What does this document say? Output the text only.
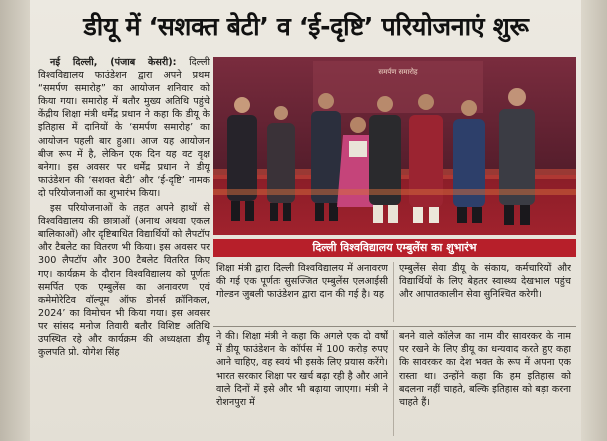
डीयू में ‘सशक्त बेटी’ व ‘ई-दृष्टि’ परियोजनाएं शुरू

नई दिल्ली, (पंजाब केसरी): दिल्ली विश्वविद्यालय फाउंडेशन द्वारा अपने प्रथम “समर्पण समारोह” का आयोजन शनिवार को किया गया। समारोह में बतौर मुख्य अतिथि पहुंचे केंद्रीय शिक्षा मंत्री धर्मेंद्र प्रधान ने कहा कि डीयू के इतिहास में दानियों के ‘समर्पण समारोह’ का आयोजन पहली बार हुआ। आज यह आयोजन बीज रूप में है, लेकिन एक दिन यह वट वृक्ष बनेगा। इस अवसर पर धर्मेंद्र प्रधान ने डीयू फाउंडेशन की ‘सशक्त बेटी’ और ‘ई-दृष्टि’ नामक दो परियोजनाओं का शुभारंभ किया।

इस परियोजनाओं के तहत अपने हाथों से विश्वविद्यालय की छात्राओं (अनाथ अथवा एकल बालिकाओं) और दृष्टिबाधित विद्यार्थियों को लैपटॉप और टैबलेट का वितरण भी किया। इस अवसर पर 300 लैपटॉप और 300 टैबलेट वितरित किए गए। कार्यक्रम के दौरान विश्वविद्यालय को पूर्णतः समर्पित एक एम्बुलेंस का अनावरण एवं कमेमोरेटिव वॉल्यूम ऑफ डोनर्स क्रॉनिकल, 2024’ का विमोचन भी किया गया। इस अवसर पर सांसद मनोज तिवारी बतौर विशिष्ट अतिथि उपस्थित रहे और कार्यक्रम की अध्यक्षता डीयू कुलपति प्रो. योगेश सिंह

समर्पण समारोह
दिल्ली विश्वविद्यालय एम्बुलेंस का शुभारंभ

शिक्षा मंत्री द्वारा दिल्ली विश्वविद्यालय में अनावरण की गई एक पूर्णतः सुसज्जित एम्बुलेंस एलआईसी गोल्डन जुबली फाउंडेशन द्वारा दान की गई है। यह

एम्बुलेंस सेवा डीयू के संकाय, कर्मचारियों और विद्यार्थियों के लिए बेहतर स्वास्थ्य देखभाल पहुंच और आपातकालीन सेवा सुनिश्चित करेगी।

ने की। शिक्षा मंत्री ने कहा कि अगले एक दो वर्षों में डीयू फाउंडेशन के कॉर्पस में 100 करोड़ रुपए आने चाहिए, वह स्वयं भी इसके लिए प्रयास करेंगे। भारत सरकार शिक्षा पर खर्च बढ़ा रही है और आने वाले दिनों में इसे और भी बढ़ाया जाएगा। मंत्री ने रोशनपुरा में

बनने वाले कॉलेज का नाम वीर सावरकर के नाम पर रखने के लिए डीयू का धन्यवाद करते हुए कहा कि सावरकर का देश भक्त के रूप में अपना एक रास्ता था। उन्होंने कहा कि हम इतिहास को बदलना नहीं चाहते, बल्कि इतिहास को बड़ा करना चाहते हैं।
